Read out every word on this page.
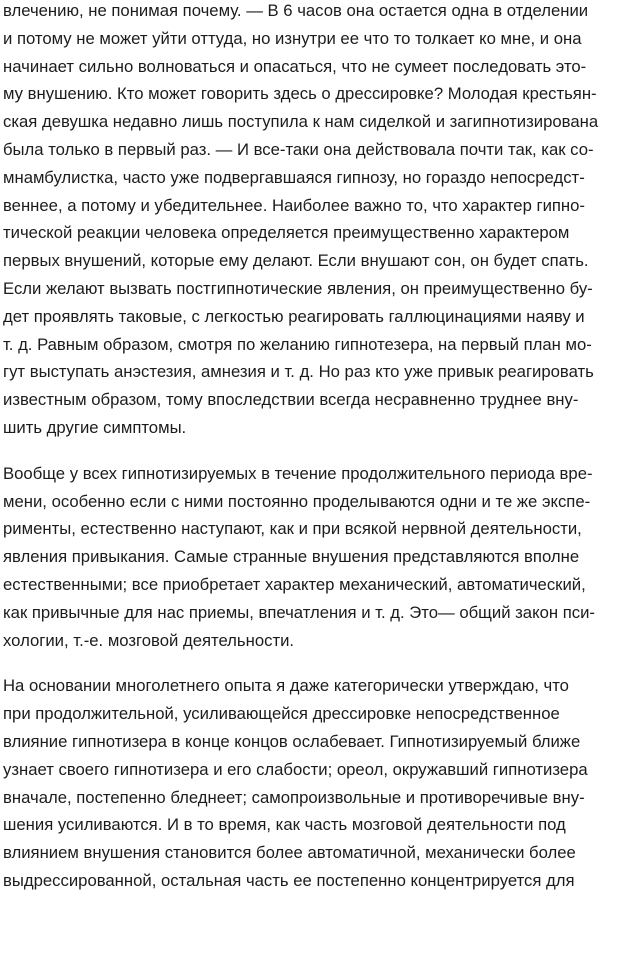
влечению, не понимая почему. — В 6 часов она остается одна в отделении
и потому не может уйти оттуда, но изнутри ее что то толкает ко мне, и она
начинает сильно волноваться и опасаться, что не сумеет последовать это-
му внушению. Кто может говорить здесь о дрессировке? Молодая крестьян-
ская девушка недавно лишь поступила к нам сиделкой и загипнотизирована
была только в первый раз. — И все-таки она действовала почти так, как со-
мнамбулистка, часто уже подвергавшаяся гипнозу, но гораздо непосредст-
веннее, а потому и убедительнее. Наиболее важно то, что характер гипно-
тической реакции человека определяется преимущественно характером
первых внушений, которые ему делают. Если внушают сон, он будет спать.
Если желают вызвать постгипнотические явления, он преимущественно бу-
дет проявлять таковые, с легкостью реагировать галлюцинациями наяву и
т. д. Равным образом, смотря по желанию гипнотезера, на первый план мо-
гут выступать анэстезия, амнезия и т. д. Но раз кто уже привык реагировать
известным образом, тому впоследствии всегда несравненно труднее вну-
шить другие симптомы.
Вообще у всех гипнотизируемых в течение продолжительного периода вре-
мени, особенно если с ними постоянно проделываются одни и те же экспе-
рименты, естественно наступают, как и при всякой нервной деятельности,
явления привыкания. Самые странные внушения представляются вполне
естественными; все приобретает характер механический, автоматический,
как привычные для нас приемы, впечатления и т. д. Это— общий закон пси-
хологии, т.-е. мозговой деятельности.
На основании многолетнего опыта я даже категорически утверждаю, что
при продолжительной, усиливающейся дрессировке непосредственное
влияние гипнотизера в конце концов ослабевает. Гипнотизируемый ближе
узнает своего гипнотизера и его слабости; ореол, окружавший гипнотизера
вначале, постепенно бледнеет; самопроизвольные и противоречивые вну-
шения усиливаются. И в то время, как часть мозговой деятельности под
влиянием внушения становится более автоматичной, механически более
выдрессированной, остальная часть ее постепенно концентрируется для
